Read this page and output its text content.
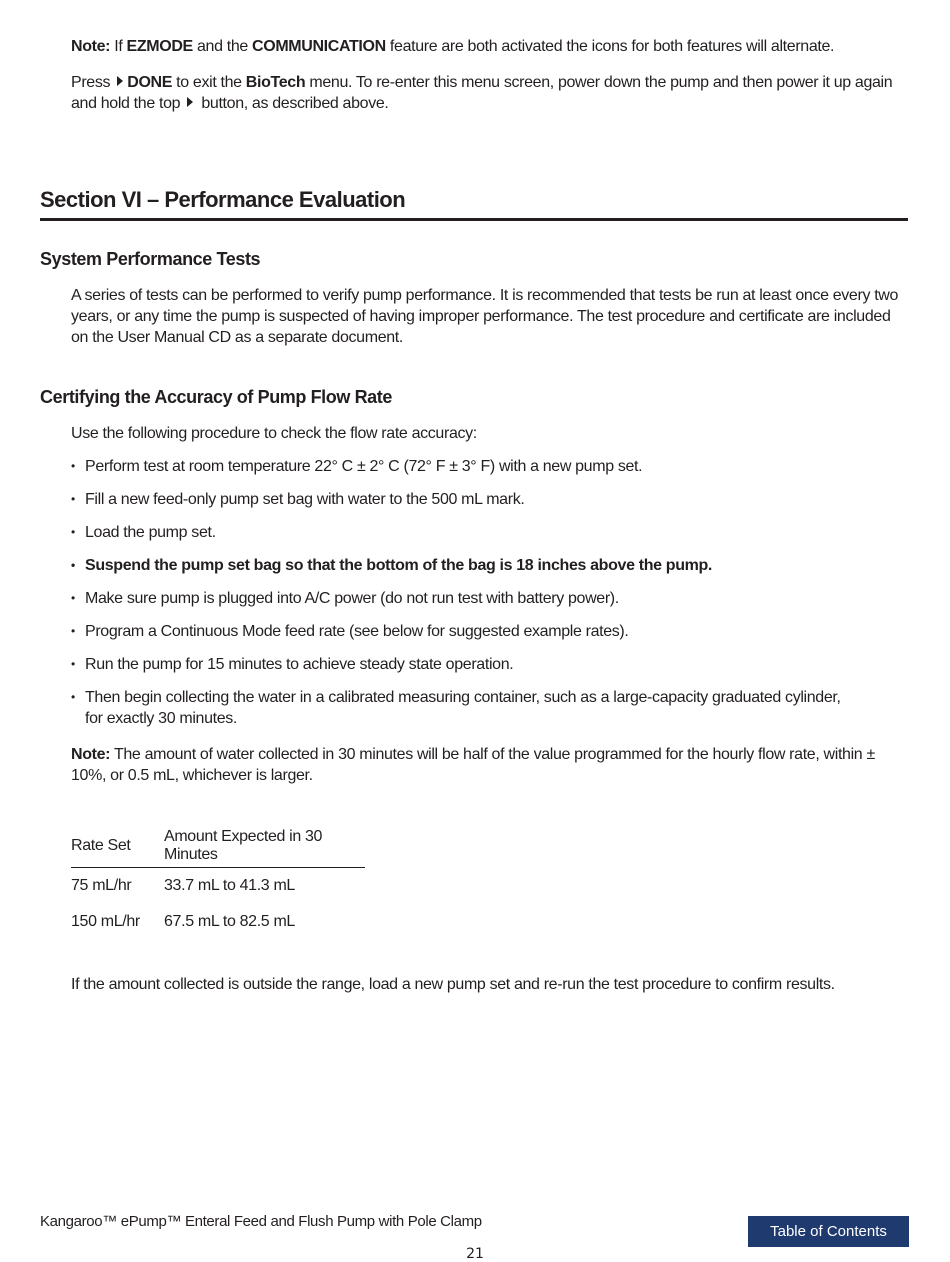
Note: If EZMODE and the COMMUNICATION feature are both activated the icons for both features will alternate.

Press DONE to exit the BioTech menu. To re-enter this menu screen, power down the pump and then power it up again and hold the top  button, as described above.

Section VI – Performance Evaluation
System Performance Tests

A series of tests can be performed to verify pump performance. It is recommended that tests be run at least once every two years, or any time the pump is suspected of having improper performance. The test procedure and certificate are included on the User Manual CD as a separate document.

Certifying the Accuracy of Pump Flow Rate

Use the following procedure to check the flow rate accuracy:

• Perform test at room temperature 22° C ± 2° C (72° F ± 3° F) with a new pump set.
• Fill a new feed-only pump set bag with water to the 500 mL mark.
• Load the pump set.
• Suspend the pump set bag so that the bottom of the bag is 18 inches above the pump.
• Make sure pump is plugged into A/C power (do not run test with battery power).
• Program a Continuous Mode feed rate (see below for suggested example rates).
• Run the pump for 15 minutes to achieve steady state operation.
• Then begin collecting the water in a calibrated measuring container, such as a large-capacity graduated cylinder, for exactly 30 minutes.

Note: The amount of water collected in 30 minutes will be half of the value programmed for the hourly flow rate, within ± 10%, or 0.5 mL, whichever is larger.

Rate Set	Amount Expected in 30 Minutes
75 mL/hr	33.7 mL to 41.3 mL
150 mL/hr	67.5 mL to 82.5 mL

If the amount collected is outside the range, load a new pump set and re-run the test procedure to confirm results.

Kangaroo™ ePump™ Enteral Feed and Flush Pump with Pole Clamp
Table of Contents
21
